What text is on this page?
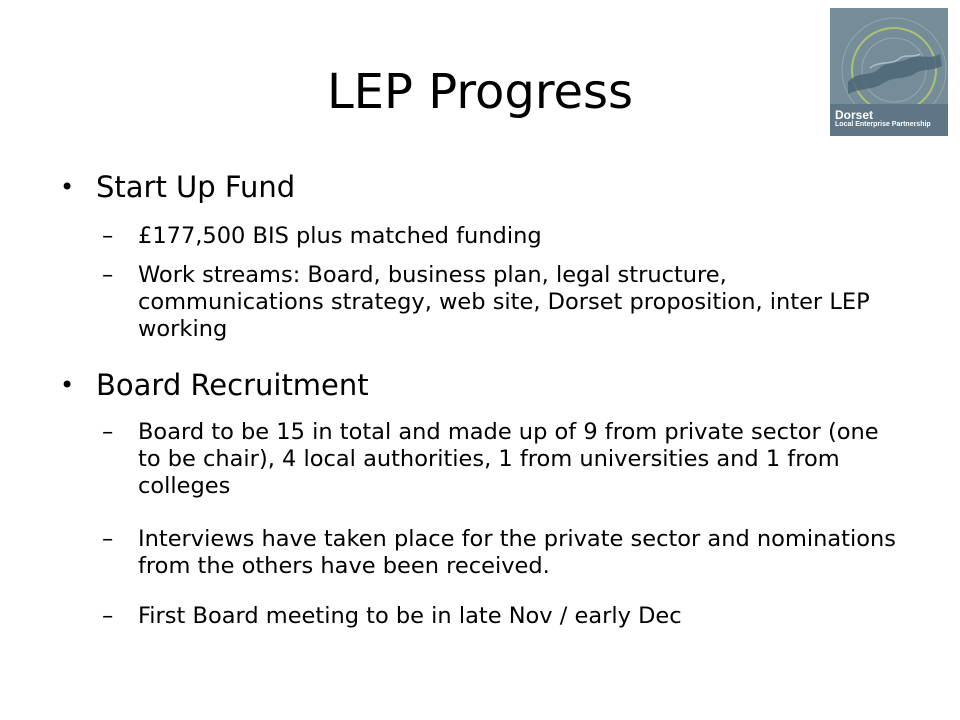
LEP Progress	Dorset
Local Enterprise Partnership
• Start Up Fund
– £177,500 BIS plus matched funding
– Work streams: Board, business plan, legal structure, communications strategy, web site, Dorset proposition, inter LEP working
• Board Recruitment
– Board to be 15 in total and made up of 9 from private sector (one to be chair), 4 local authorities, 1 from universities and 1 from colleges
– Interviews have taken place for the private sector and nominations from the others have been received.
– First Board meeting to be in late Nov / early Dec
